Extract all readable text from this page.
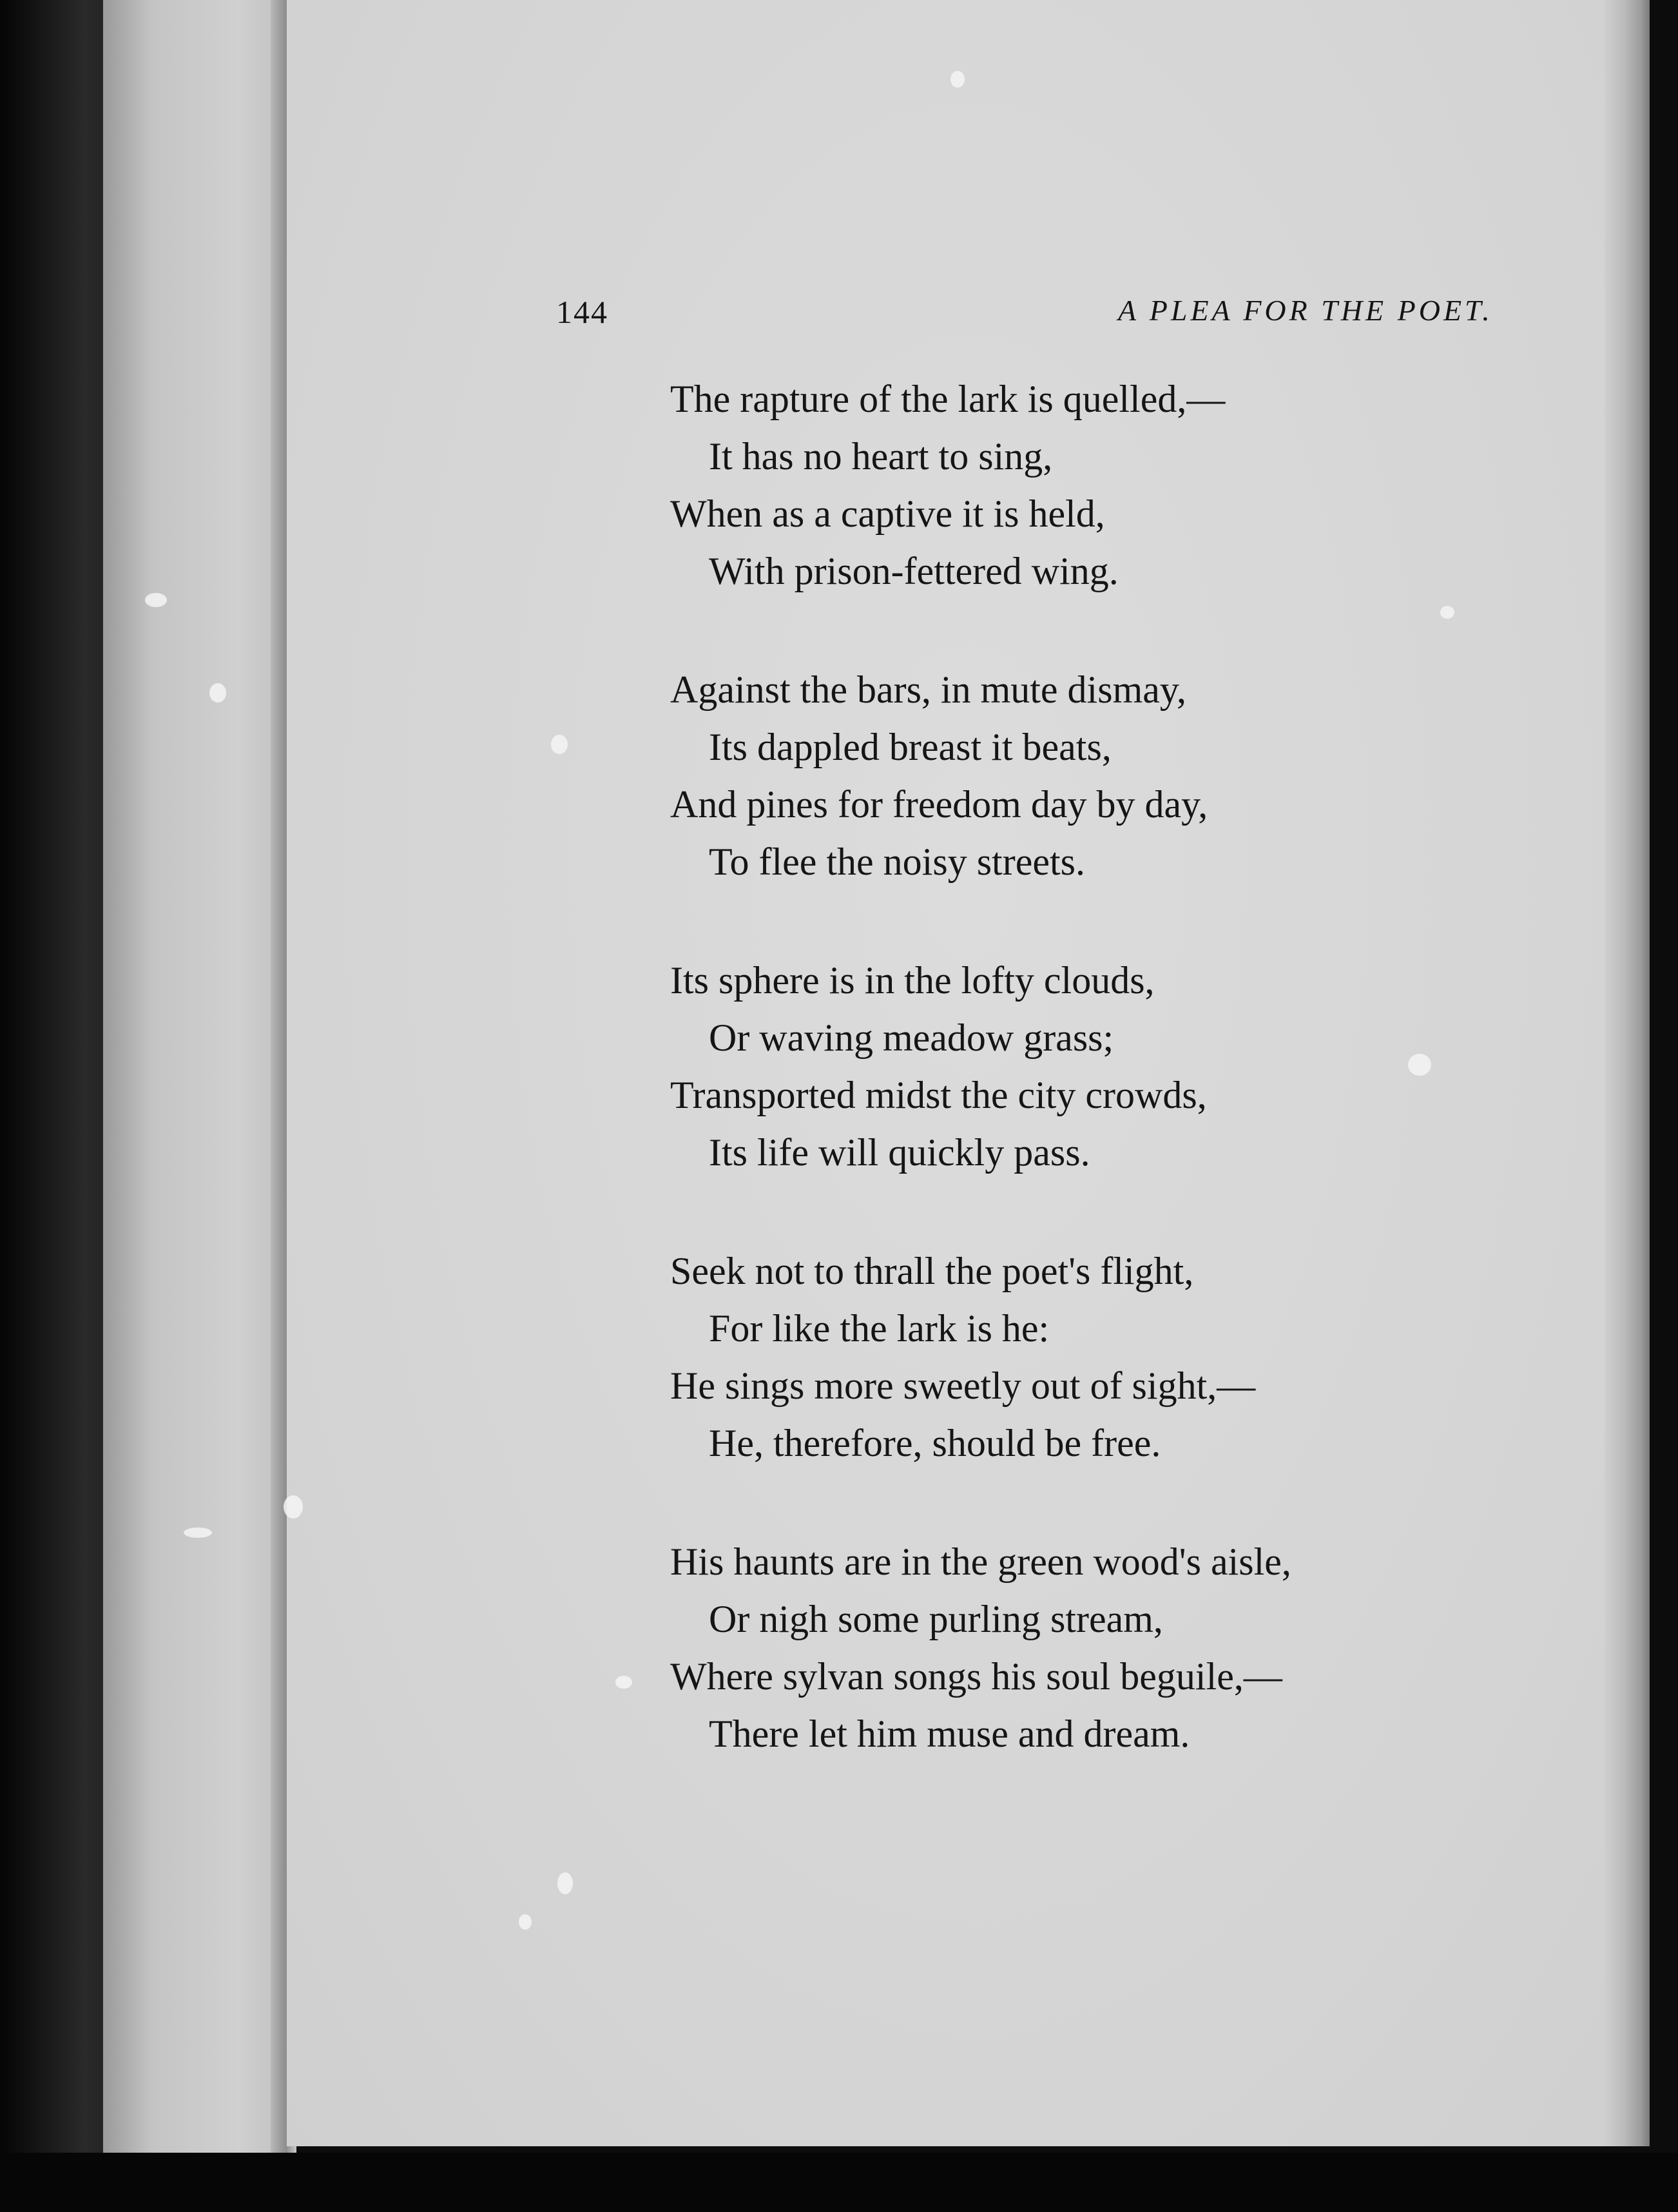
144	A PLEA FOR THE POET.
The rapture of the lark is quelled,—
It has no heart to sing,
When as a captive it is held,
With prison-fettered wing.
Against the bars, in mute dismay,
Its dappled breast it beats,
And pines for freedom day by day,
To flee the noisy streets.
Its sphere is in the lofty clouds,
Or waving meadow grass;
Transported midst the city crowds,
Its life will quickly pass.
Seek not to thrall the poet's flight,
For like the lark is he:
He sings more sweetly out of sight,—
He, therefore, should be free.
His haunts are in the green wood's aisle,
Or nigh some purling stream,
Where sylvan songs his soul beguile,—
There let him muse and dream.
